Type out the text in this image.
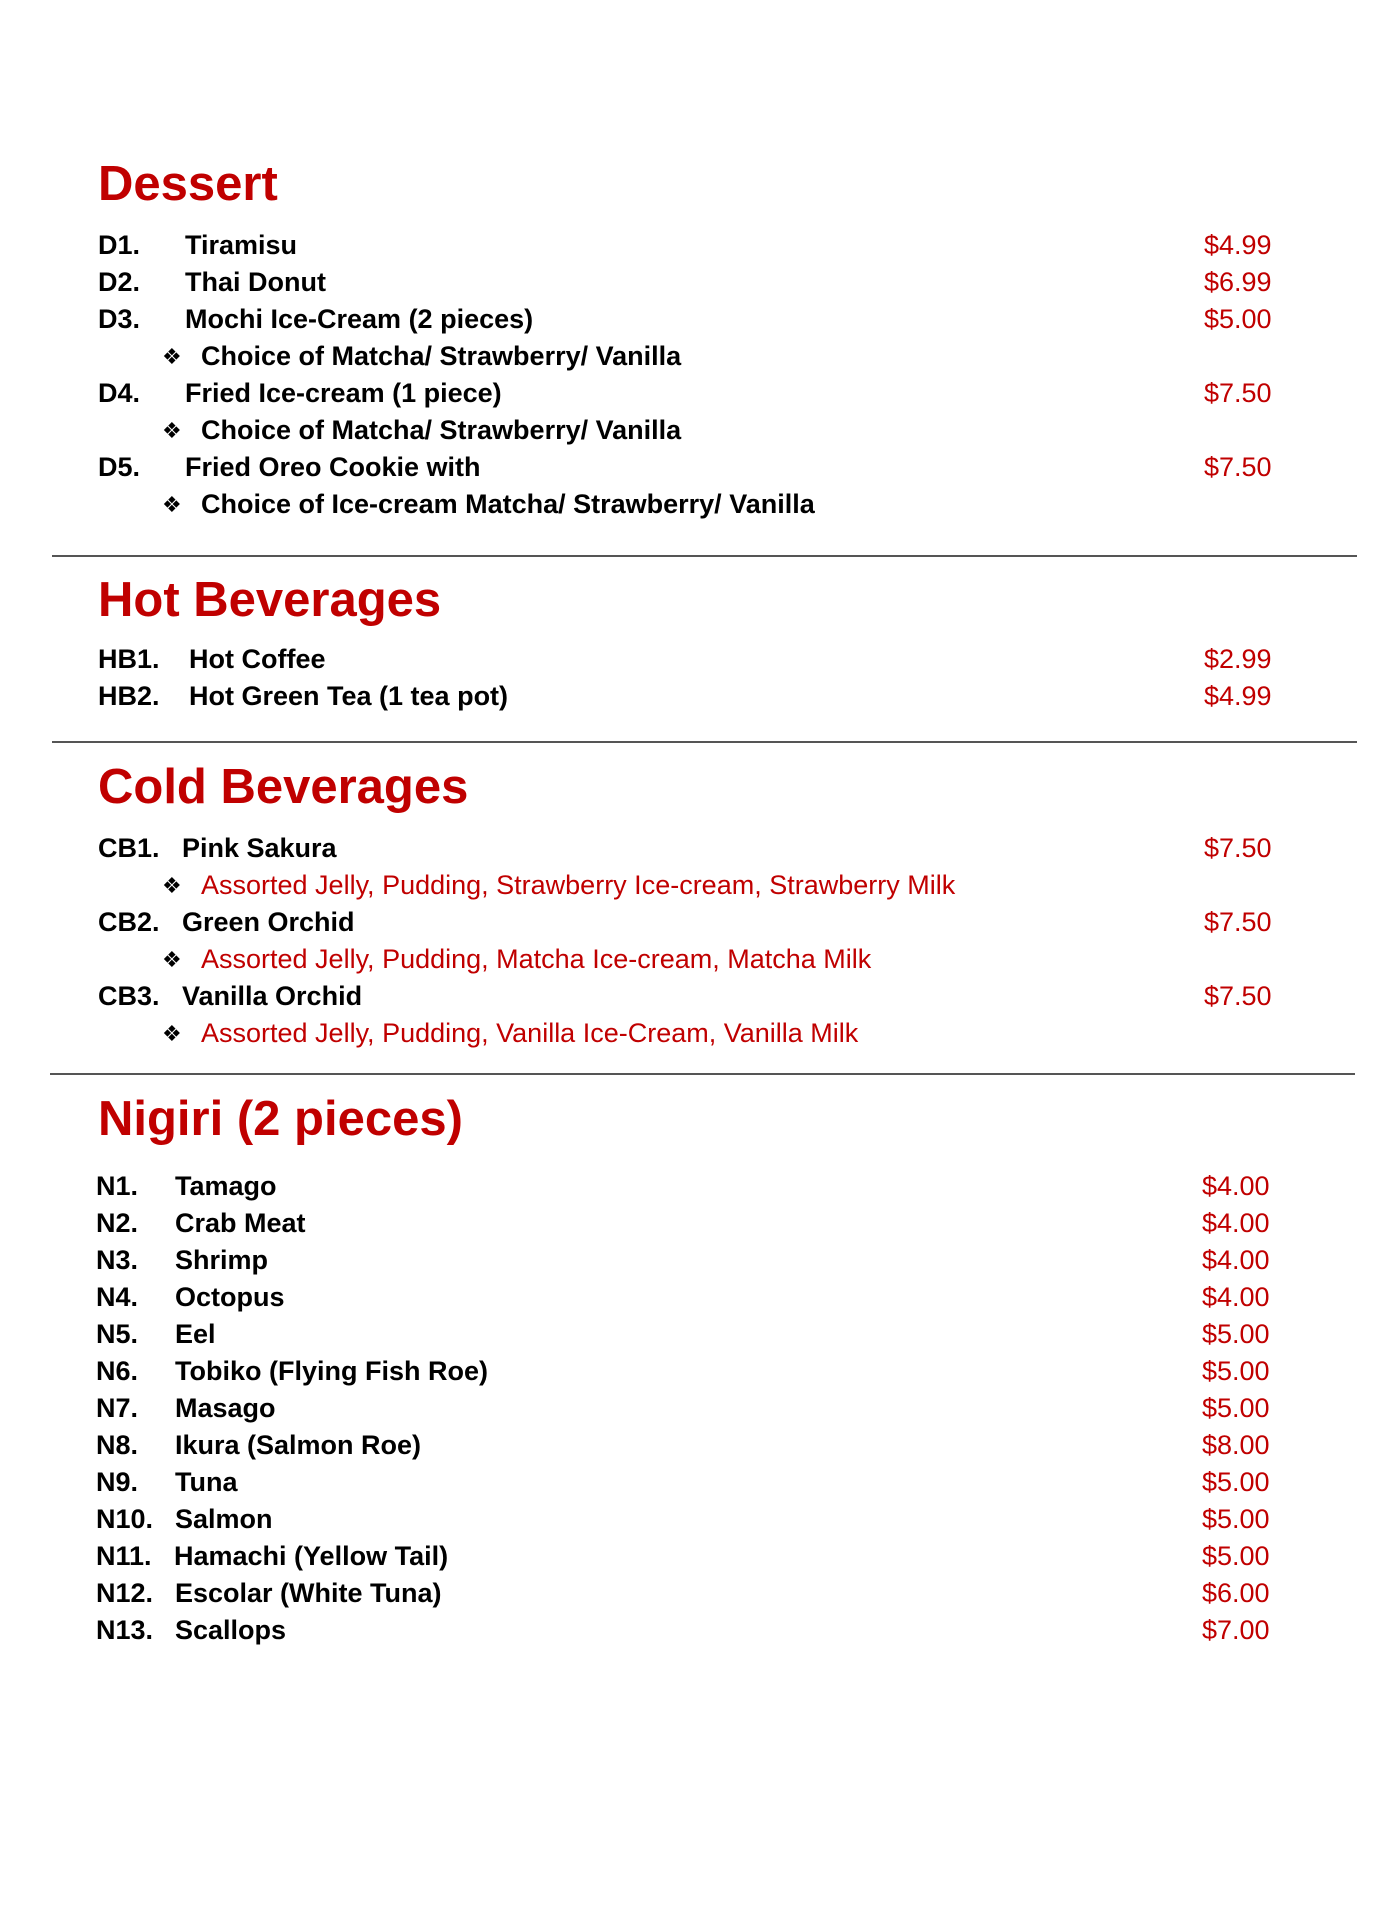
Dessert
D1. Tiramisu	$4.99
D2. Thai Donut	$6.99
D3. Mochi Ice-Cream (2 pieces)	$5.00
❖ Choice of Matcha/ Strawberry/ Vanilla
D4. Fried Ice-cream (1 piece)	$7.50
❖ Choice of Matcha/ Strawberry/ Vanilla
D5. Fried Oreo Cookie with	$7.50
❖ Choice of Ice-cream Matcha/ Strawberry/ Vanilla
Hot Beverages
HB1. Hot Coffee	$2.99
HB2. Hot Green Tea (1 tea pot)	$4.99
Cold Beverages
CB1. Pink Sakura	$7.50
❖ Assorted Jelly, Pudding, Strawberry Ice-cream, Strawberry Milk
CB2. Green Orchid	$7.50
❖ Assorted Jelly, Pudding, Matcha Ice-cream, Matcha Milk
CB3. Vanilla Orchid	$7.50
❖ Assorted Jelly, Pudding, Vanilla Ice-Cream, Vanilla Milk
Nigiri (2 pieces)
N1. Tamago	$4.00
N2. Crab Meat	$4.00
N3. Shrimp	$4.00
N4. Octopus	$4.00
N5. Eel	$5.00
N6. Tobiko (Flying Fish Roe)	$5.00
N7. Masago	$5.00
N8. Ikura (Salmon Roe)	$8.00
N9. Tuna	$5.00
N10. Salmon	$5.00
N11. Hamachi (Yellow Tail)	$5.00
N12. Escolar (White Tuna)	$6.00
N13. Scallops	$7.00
